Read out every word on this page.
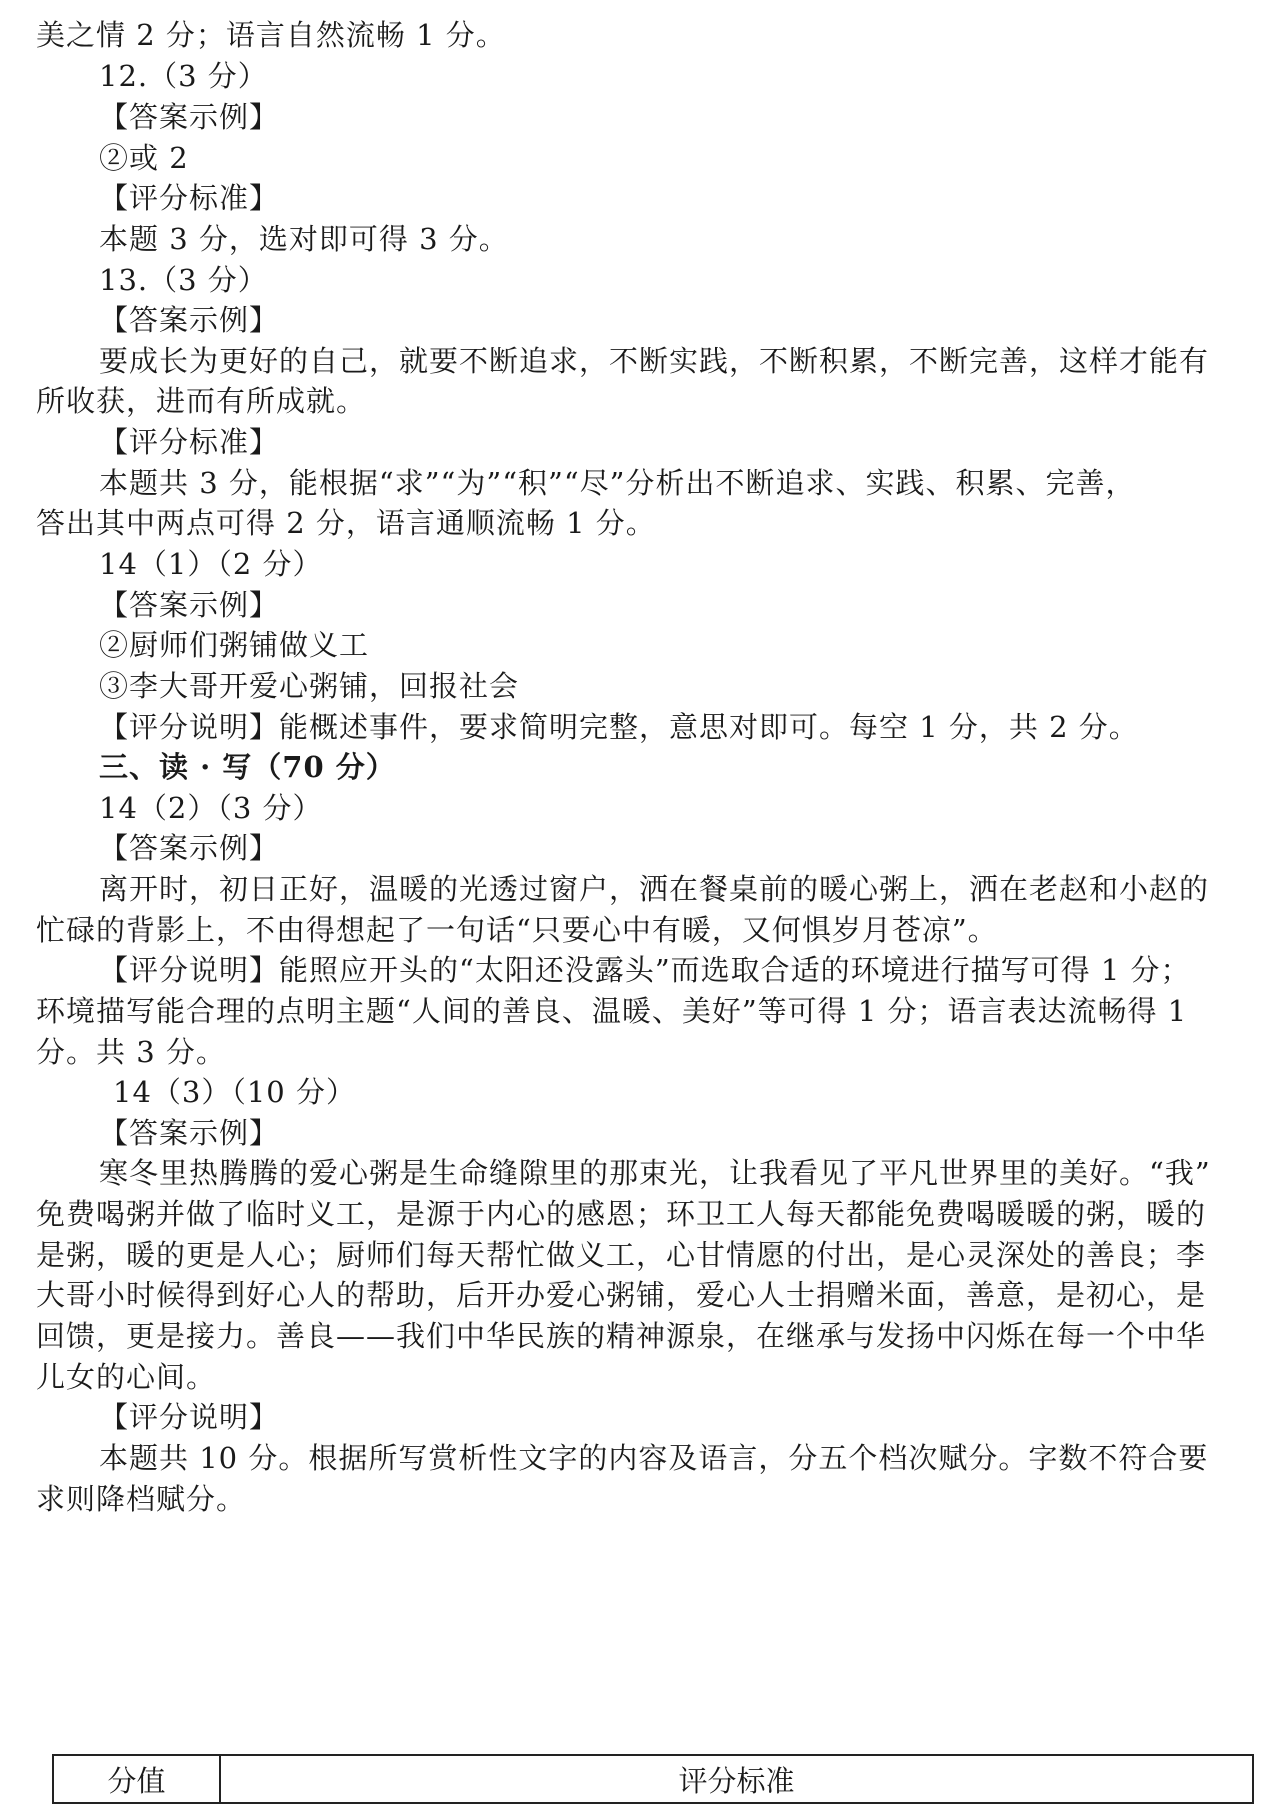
美之情 2 分；语言自然流畅 1 分。
12.（3 分）
【答案示例】
②或 2
【评分标准】
本题 3 分，选对即可得 3 分。
13.（3 分）
【答案示例】
要成长为更好的自己，就要不断追求，不断实践，不断积累，不断完善，这样才能有
所收获，进而有所成就。
【评分标准】
本题共 3 分，能根据“求”“为”“积”“尽”分析出不断追求、实践、积累、完善，
答出其中两点可得 2 分，语言通顺流畅 1 分。
14（1）（2 分）
【答案示例】
②厨师们粥铺做义工
③李大哥开爱心粥铺，回报社会
【评分说明】能概述事件，要求简明完整，意思对即可。每空 1 分，共 2 分。
三、读 · 写（70 分）
14（2）（3 分）
【答案示例】
离开时，初日正好，温暖的光透过窗户，洒在餐桌前的暖心粥上，洒在老赵和小赵的
忙碌的背影上，不由得想起了一句话“只要心中有暖，又何惧岁月苍凉”。
【评分说明】能照应开头的“太阳还没露头”而选取合适的环境进行描写可得 1 分；
环境描写能合理的点明主题“人间的善良、温暖、美好”等可得 1 分；语言表达流畅得 1
分。共 3 分。
14（3）（10 分）
【答案示例】
寒冬里热腾腾的爱心粥是生命缝隙里的那束光，让我看见了平凡世界里的美好。“我”
免费喝粥并做了临时义工，是源于内心的感恩；环卫工人每天都能免费喝暖暖的粥，暖的
是粥，暖的更是人心；厨师们每天帮忙做义工，心甘情愿的付出，是心灵深处的善良；李
大哥小时候得到好心人的帮助，后开办爱心粥铺，爱心人士捐赠米面，善意，是初心，是
回馈，更是接力。善良——我们中华民族的精神源泉，在继承与发扬中闪烁在每一个中华
儿女的心间。
【评分说明】
本题共 10 分。根据所写赏析性文字的内容及语言，分五个档次赋分。字数不符合要
求则降档赋分。
分值	评分标准
